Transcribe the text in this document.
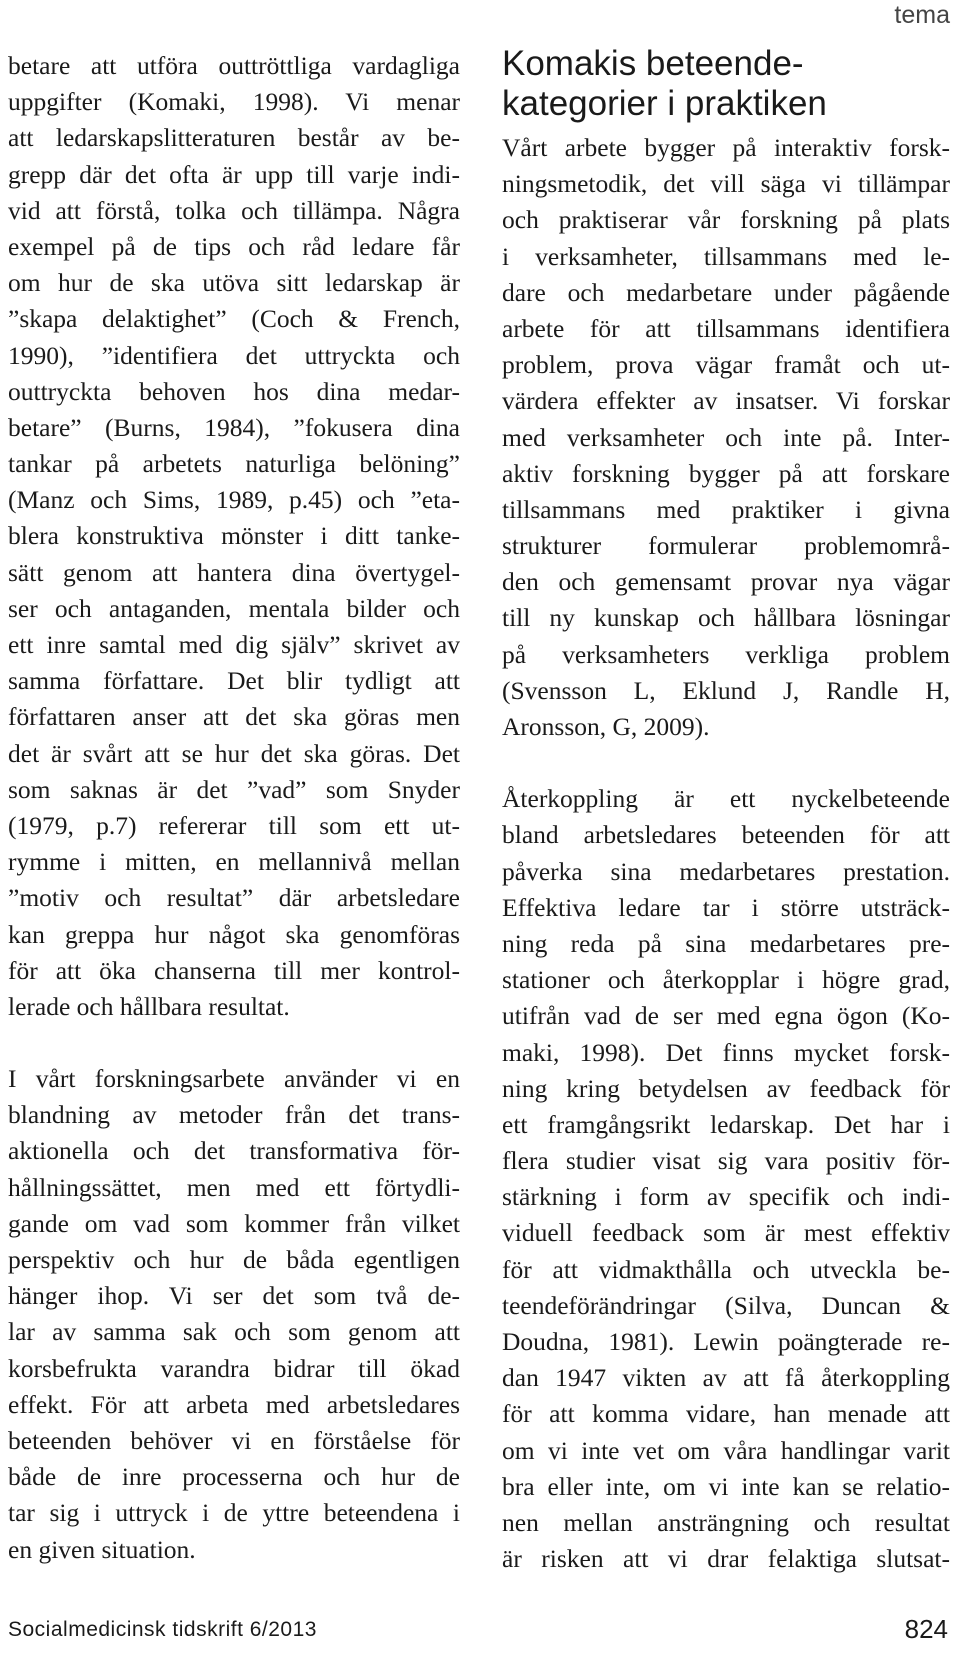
tema
betare att utföra outtröttliga vardagliga
uppgifter (Komaki, 1998). Vi menar
att ledarskapslitteraturen består av be-
grepp där det ofta är upp till varje indi-
vid att förstå, tolka och tillämpa. Några
exempel på de tips och råd ledare får
om hur de ska utöva sitt ledarskap är
”skapa delaktighet” (Coch & French,
1990), ”identifiera det uttryckta och
outtryckta behoven hos dina medar-
betare” (Burns, 1984), ”fokusera dina
tankar på arbetets naturliga belöning”
(Manz och Sims, 1989, p.45) och ”eta-
blera konstruktiva mönster i ditt tanke-
sätt genom att hantera dina övertygel-
ser och antaganden, mentala bilder och
ett inre samtal med dig själv” skrivet av
samma författare. Det blir tydligt att
författaren anser att det ska göras men
det är svårt att se hur det ska göras. Det
som saknas är det ”vad” som Snyder
(1979, p.7) refererar till som ett ut-
rymme i mitten, en mellannivå mellan
”motiv och resultat” där arbetsledare
kan greppa hur något ska genomföras
för att öka chanserna till mer kontrol-
lerade och hållbara resultat.
I vårt forskningsarbete använder vi en
blandning av metoder från det trans-
aktionella och det transformativa för-
hållningssättet, men med ett förtydli-
gande om vad som kommer från vilket
perspektiv och hur de båda egentligen
hänger ihop. Vi ser det som två de-
lar av samma sak och som genom att
korsbefrukta varandra bidrar till ökad
effekt. För att arbeta med arbetsledares
beteenden behöver vi en förståelse för
både de inre processerna och hur de
tar sig i uttryck i de yttre beteendena i
en given situation.
Komakis beteende-
kategorier i praktiken
Vårt arbete bygger på interaktiv forsk-
ningsmetodik, det vill säga vi tillämpar
och praktiserar vår forskning på plats
i verksamheter, tillsammans med le-
dare och medarbetare under pågående
arbete för att tillsammans identifiera
problem, prova vägar framåt och ut-
värdera effekter av insatser. Vi forskar
med verksamheter och inte på. Inter-
aktiv forskning bygger på att forskare
tillsammans med praktiker i givna
strukturer formulerar problemområ-
den och gemensamt provar nya vägar
till ny kunskap och hållbara lösningar
på verksamheters verkliga problem
(Svensson L, Eklund J, Randle H,
Aronsson, G, 2009).
Återkoppling är ett nyckelbeteende
bland arbetsledares beteenden för att
påverka sina medarbetares prestation.
Effektiva ledare tar i större utsträck-
ning reda på sina medarbetares pre-
stationer och återkopplar i högre grad,
utifrån vad de ser med egna ögon (Ko-
maki, 1998). Det finns mycket forsk-
ning kring betydelsen av feedback för
ett framgångsrikt ledarskap. Det har i
flera studier visat sig vara positiv för-
stärkning i form av specifik och indi-
viduell feedback som är mest effektiv
för att vidmakthålla och utveckla be-
teendeförändringar (Silva, Duncan &
Doudna, 1981). Lewin poängterade re-
dan 1947 vikten av att få återkoppling
för att komma vidare, han menade att
om vi inte vet om våra handlingar varit
bra eller inte, om vi inte kan se relatio-
nen mellan ansträngning och resultat
är risken att vi drar felaktiga slutsat-
Socialmedicinsk tidskrift 6/2013	824
